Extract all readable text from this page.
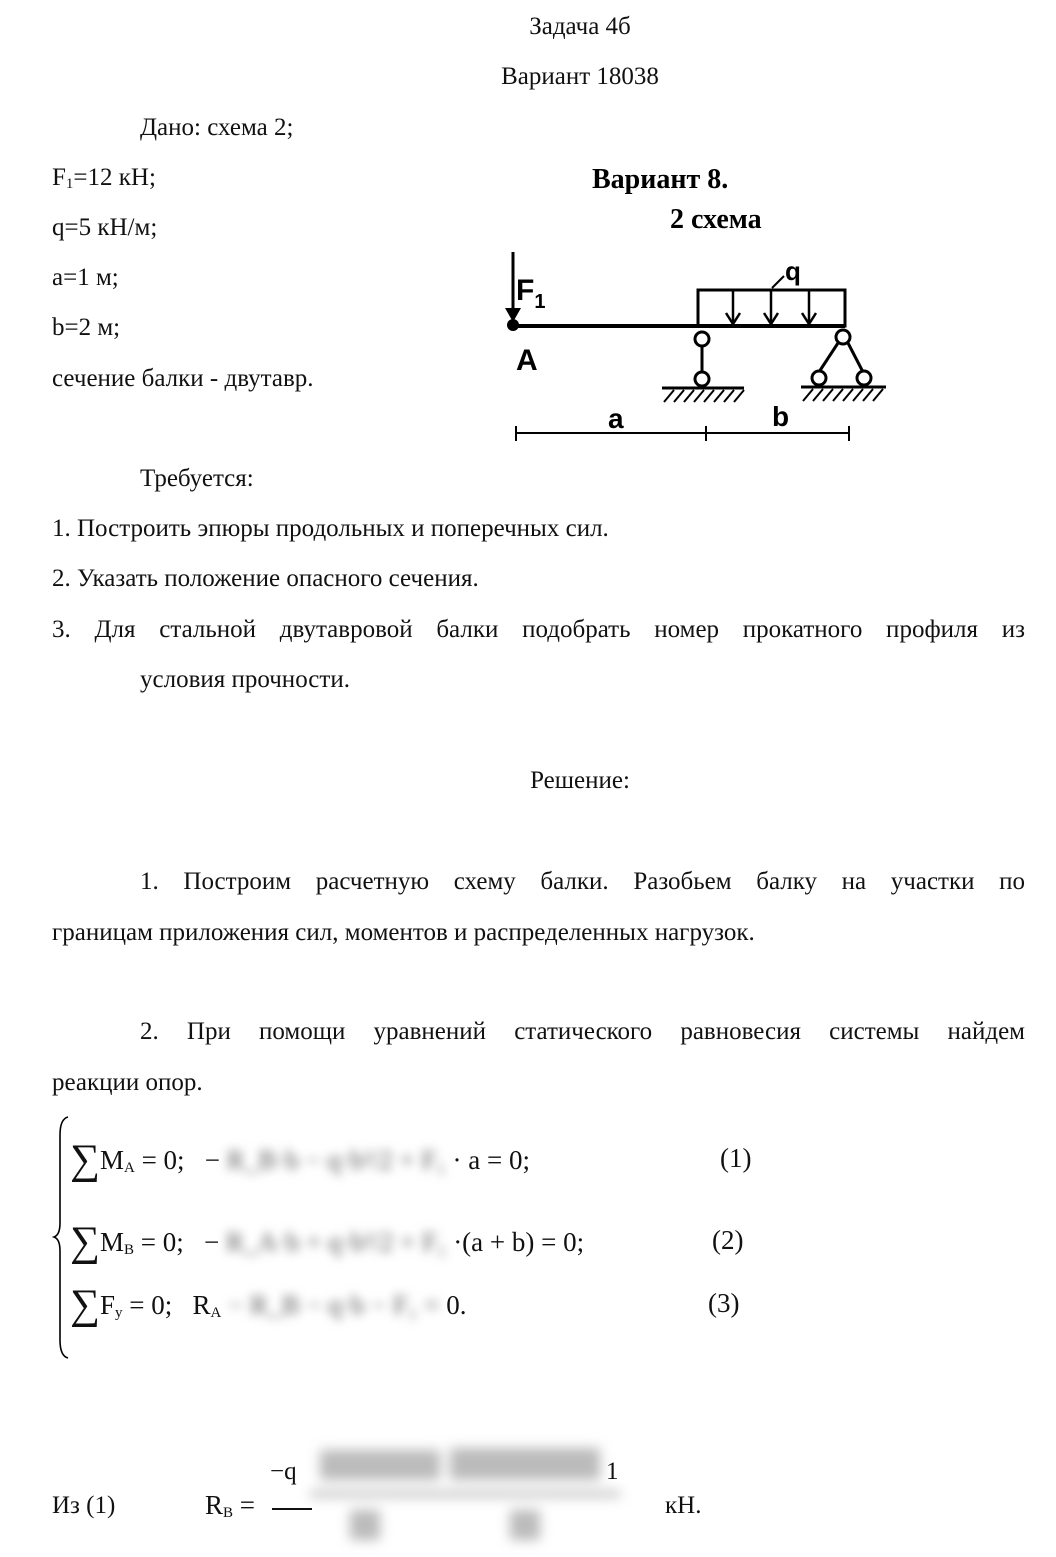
Задача 4б
Вариант 18038
Дано: схема 2;
$F_1=12$ кН;
q=5 кН/м;
a=1 м;
b=2 м;
сечение балки - двутавр.
Вариант 8.
2 схема
$F_1$
q
A
a	b
Требуется:
1. Построить эпюры продольных и поперечных сил.
2. Указать положение опасного сечения.
3. Для стальной двутавровой балки подобрать номер прокатного профиля из
условия прочности.
Решение:
1. Построим расчетную схему балки. Разобьем балку на участки по
границам приложения сил, моментов и распределенных нагрузок.
2. При помощи уравнений статического равновесия системы найдем
реакции опор.
$\sum M_A = 0$; − R_B·b − q·b²/2 + F₁ · a = 0;	(1)
$\sum M_B = 0$; − R_A·b + q·b²/2 + F₁ ·(a + b) = 0;	(2)
$\sum F_y = 0$; $R_A$ − R_B − q·b − F₁ = 0.	(3)
Из (1)	$R_B$ =
−q	1
кН.
